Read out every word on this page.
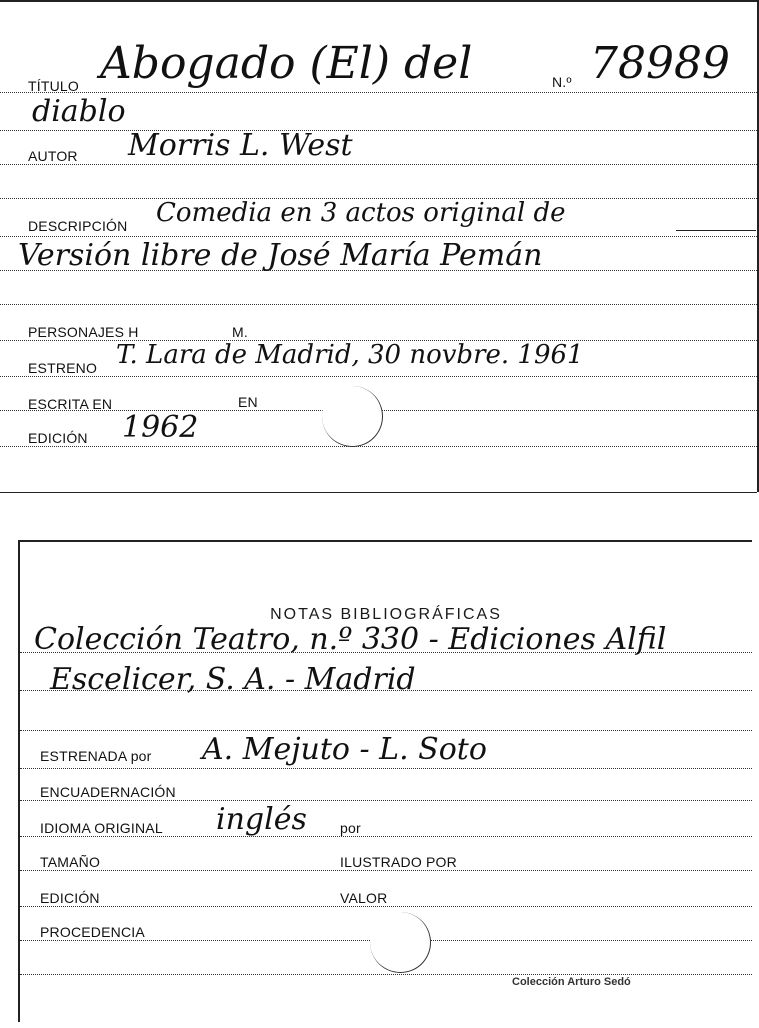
TÍTULO Abogado (El) del	N.º 78989
diablo
AUTOR Morris L. West
DESCRIPCIÓN Comedia en 3 actos original de
Versión libre de José María Pemán
PERSONAJES H	M.
ESTRENO T. Lara de Madrid, 30 novbre. 1961
ESCRITA EN	EN
EDICIÓN 1962
NOTAS BIBLIOGRÁFICAS
Colección Teatro, n.º 330 - Ediciones Alfil
Escelicer, S. A. - Madrid
ESTRENADA por A. Mejuto - L. Soto
ENCUADERNACIÓN
IDIOMA ORIGINAL inglés por
TAMAÑO	ILUSTRADO POR
EDICIÓN	VALOR
PROCEDENCIA
Colección Arturo Sedó
